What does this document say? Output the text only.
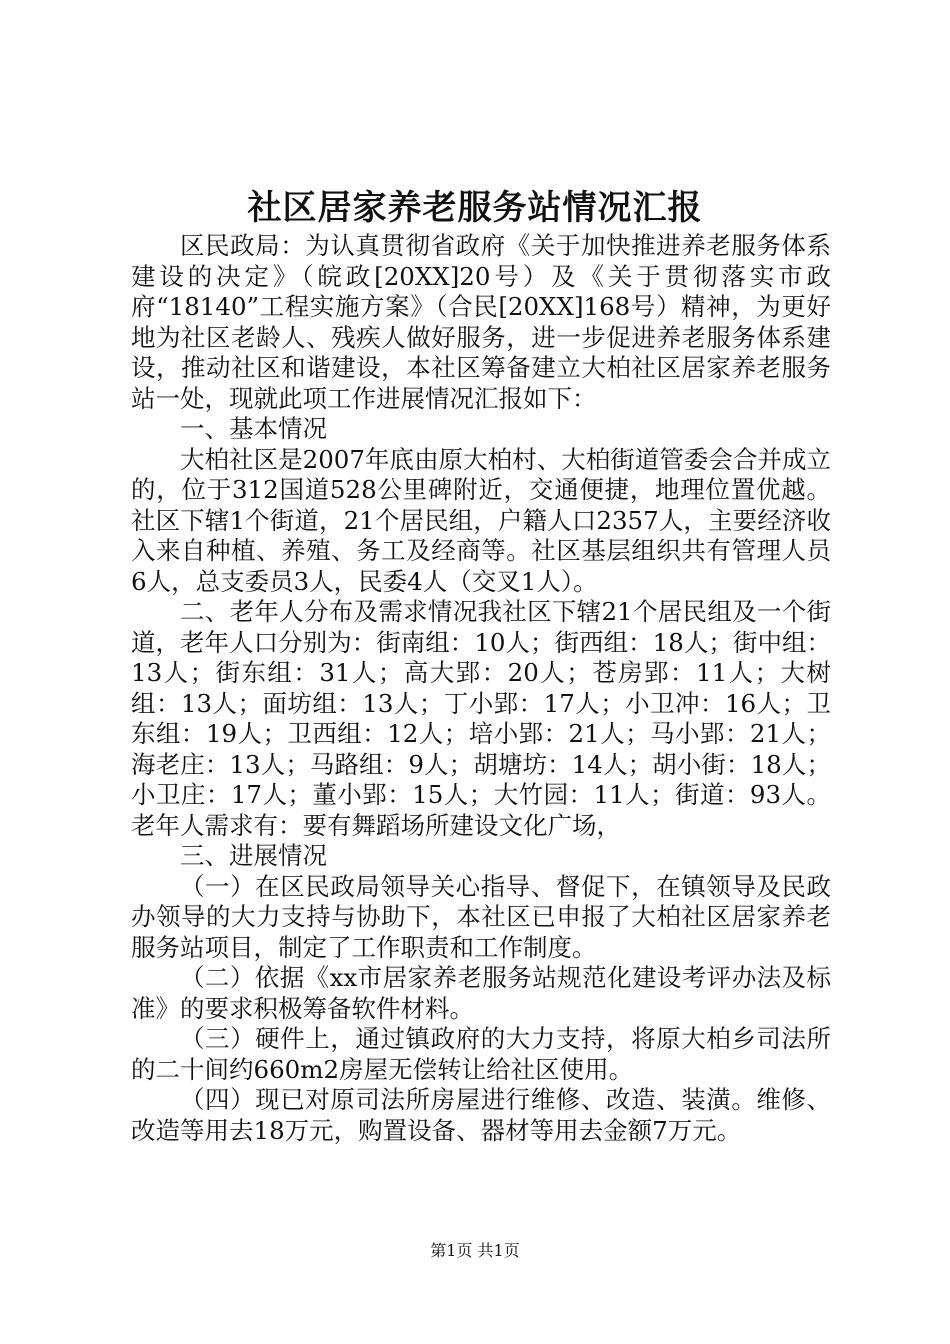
社区居家养老服务站情况汇报

区民政局：为认真贯彻省政府《关于加快推进养老服务体系建设的决定》（皖政[20XX]20号）及《关于贯彻落实市政府“18140”工程实施方案》（合民[20XX]168号）精神，为更好地为社区老龄人、残疾人做好服务，进一步促进养老服务体系建设，推动社区和谐建设，本社区筹备建立大柏社区居家养老服务站一处，现就此项工作进展情况汇报如下：

一、基本情况

大柏社区是2007年底由原大柏村、大柏街道管委会合并成立的，位于312国道528公里碑附近，交通便捷，地理位置优越。社区下辖1个街道，21个居民组，户籍人口2357人，主要经济收入来自种植、养殖、务工及经商等。社区基层组织共有管理人员6人，总支委员3人，民委4人（交叉1人）。

二、老年人分布及需求情况我社区下辖21个居民组及一个街道，老年人口分别为：街南组：10人；街西组：18人；街中组：13人；街东组：31人；高大郢：20人；苍房郢：11人；大树组：13人；面坊组：13人；丁小郢：17人；小卫冲：16人；卫东组：19人；卫西组：12人；培小郢：21人；马小郢：21人；海老庄：13人；马路组：9人；胡塘坊：14人；胡小街：18人；小卫庄：17人；董小郢：15人；大竹园：11人；街道：93人。老年人需求有：要有舞蹈场所建设文化广场，

三、进展情况

（一）在区民政局领导关心指导、督促下，在镇领导及民政办领导的大力支持与协助下，本社区已申报了大柏社区居家养老服务站项目，制定了工作职责和工作制度。

（二）依据《xx市居家养老服务站规范化建设考评办法及标准》的要求积极筹备软件材料。

（三）硬件上，通过镇政府的大力支持，将原大柏乡司法所的二十间约660m2房屋无偿转让给社区使用。

（四）现已对原司法所房屋进行维修、改造、装潢。维修、改造等用去18万元，购置设备、器材等用去金额7万元。

第1页 共1页
